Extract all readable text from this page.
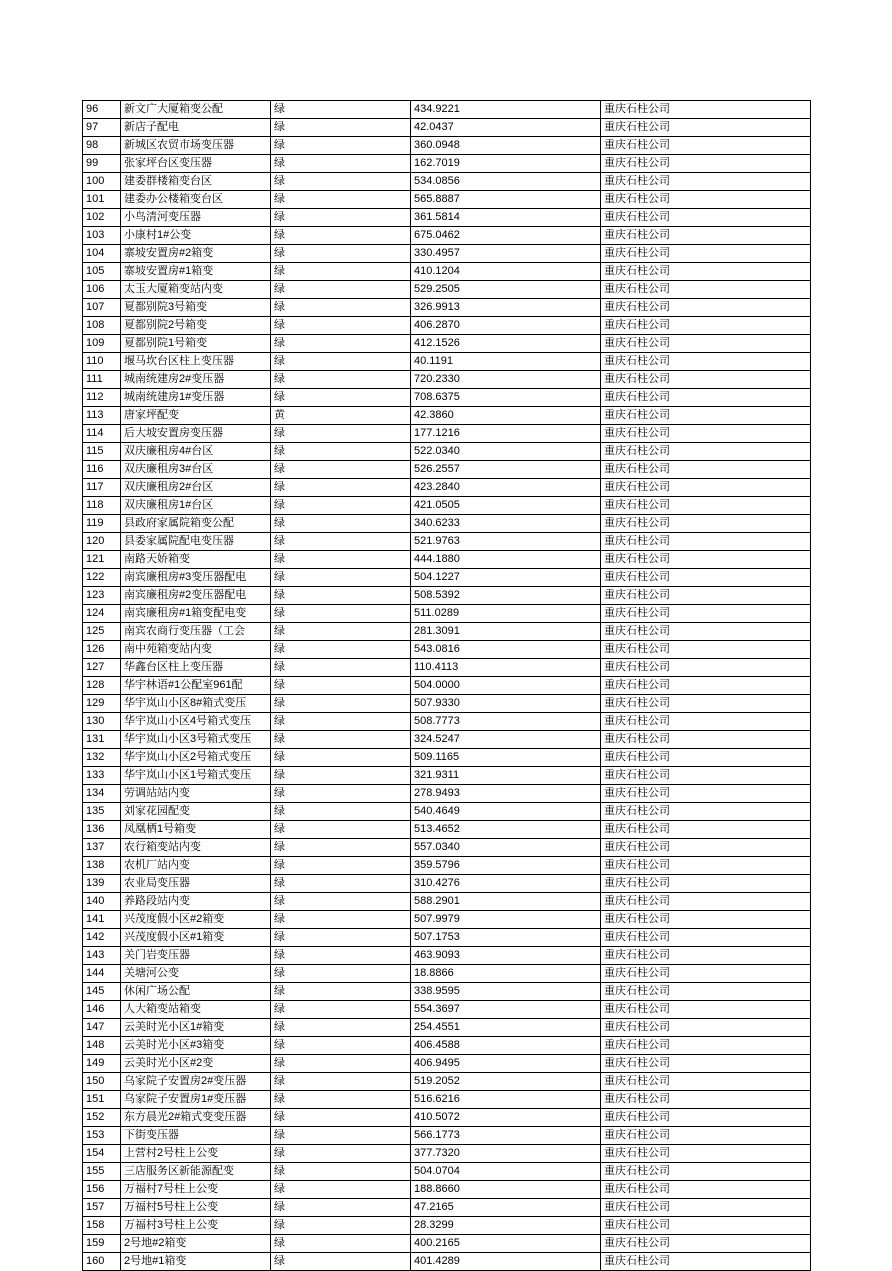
96	新文广大厦箱变公配	绿	434.9221	重庆石柱公司
97	新店子配电	绿	42.0437	重庆石柱公司
98	新城区农贸市场变压器	绿	360.0948	重庆石柱公司
99	张家坪台区变压器	绿	162.7019	重庆石柱公司
100	建委群楼箱变台区	绿	534.0856	重庆石柱公司
101	建委办公楼箱变台区	绿	565.8887	重庆石柱公司
102	小鸟清河变压器	绿	361.5814	重庆石柱公司
103	小康村1#公变	绿	675.0462	重庆石柱公司
104	寨坡安置房#2箱变	绿	330.4957	重庆石柱公司
105	寨坡安置房#1箱变	绿	410.1204	重庆石柱公司
106	太玉大厦箱变站内变	绿	529.2505	重庆石柱公司
107	夏都别院3号箱变	绿	326.9913	重庆石柱公司
108	夏都别院2号箱变	绿	406.2870	重庆石柱公司
109	夏都别院1号箱变	绿	412.1526	重庆石柱公司
110	堰马坎台区柱上变压器	绿	40.1191	重庆石柱公司
111	城南统建房2#变压器	绿	720.2330	重庆石柱公司
112	城南统建房1#变压器	绿	708.6375	重庆石柱公司
113	唐家坪配变	黄	42.3860	重庆石柱公司
114	后大坡安置房变压器	绿	177.1216	重庆石柱公司
115	双庆廉租房4#台区	绿	522.0340	重庆石柱公司
116	双庆廉租房3#台区	绿	526.2557	重庆石柱公司
117	双庆廉租房2#台区	绿	423.2840	重庆石柱公司
118	双庆廉租房1#台区	绿	421.0505	重庆石柱公司
119	县政府家属院箱变公配	绿	340.6233	重庆石柱公司
120	县委家属院配电变压器	绿	521.9763	重庆石柱公司
121	南路天娇箱变	绿	444.1880	重庆石柱公司
122	南宾廉租房#3变压器配电	绿	504.1227	重庆石柱公司
123	南宾廉租房#2变压器配电	绿	508.5392	重庆石柱公司
124	南宾廉租房#1箱变配电变	绿	511.0289	重庆石柱公司
125	南宾农商行变压器（工会	绿	281.3091	重庆石柱公司
126	南中苑箱变站内变	绿	543.0816	重庆石柱公司
127	华鑫台区柱上变压器	绿	110.4113	重庆石柱公司
128	华宇林语#1公配室961配	绿	504.0000	重庆石柱公司
129	华宇岚山小区8#箱式变压	绿	507.9330	重庆石柱公司
130	华宇岚山小区4号箱式变压	绿	508.7773	重庆石柱公司
131	华宇岚山小区3号箱式变压	绿	324.5247	重庆石柱公司
132	华宇岚山小区2号箱式变压	绿	509.1165	重庆石柱公司
133	华宇岚山小区1号箱式变压	绿	321.9311	重庆石柱公司
134	劳调站站内变	绿	278.9493	重庆石柱公司
135	刘家花园配变	绿	540.4649	重庆石柱公司
136	凤凰栖1号箱变	绿	513.4652	重庆石柱公司
137	农行箱变站内变	绿	557.0340	重庆石柱公司
138	农机厂站内变	绿	359.5796	重庆石柱公司
139	农业局变压器	绿	310.4276	重庆石柱公司
140	养路段站内变	绿	588.2901	重庆石柱公司
141	兴茂度假小区#2箱变	绿	507.9979	重庆石柱公司
142	兴茂度假小区#1箱变	绿	507.1753	重庆石柱公司
143	关门岩变压器	绿	463.9093	重庆石柱公司
144	关塘河公变	绿	18.8866	重庆石柱公司
145	休闲广场公配	绿	338.9595	重庆石柱公司
146	人大箱变站箱变	绿	554.3697	重庆石柱公司
147	云美时光小区1#箱变	绿	254.4551	重庆石柱公司
148	云美时光小区#3箱变	绿	406.4588	重庆石柱公司
149	云美时光小区#2变	绿	406.9495	重庆石柱公司
150	乌家院子安置房2#变压器	绿	519.2052	重庆石柱公司
151	乌家院子安置房1#变压器	绿	516.6216	重庆石柱公司
152	东方晨光2#箱式变变压器	绿	410.5072	重庆石柱公司
153	下街变压器	绿	566.1773	重庆石柱公司
154	上营村2号柱上公变	绿	377.7320	重庆石柱公司
155	三店服务区新能源配变	绿	504.0704	重庆石柱公司
156	万福村7号柱上公变	绿	188.8660	重庆石柱公司
157	万福村5号柱上公变	绿	47.2165	重庆石柱公司
158	万福村3号柱上公变	绿	28.3299	重庆石柱公司
159	2号地#2箱变	绿	400.2165	重庆石柱公司
160	2号地#1箱变	绿	401.4289	重庆石柱公司
